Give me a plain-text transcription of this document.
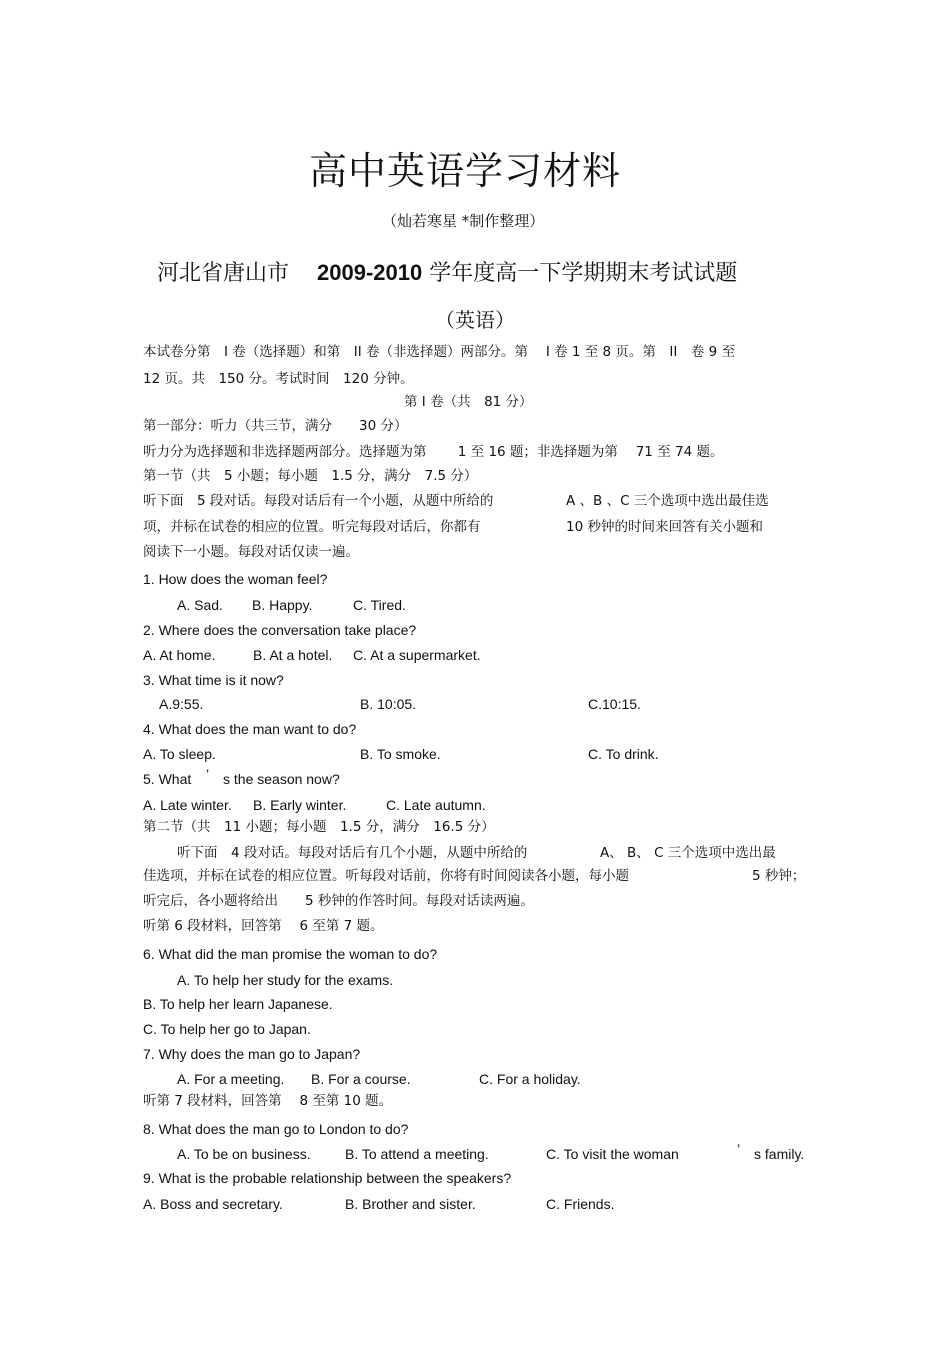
高中英语学习材料
（灿若寒星 *制作整理）
河北省唐山市 2009-2010 学年度高一下学期期末考试试题
（英语）
本试卷分第　I 卷（选择题）和第　II 卷（非选择题）两部分。第　 I 卷 1 至 8 页。第　II　卷 9 至
12 页。共　150 分。考试时间　120 分钟。
第 I 卷（共　81 分）
第一部分：听力（共三节，满分　　30 分）
听力分为选择题和非选择题两部分。选择题为第　　 1 至 16 题；非选择题为第　 71 至 74 题。
第一节（共　5 小题；每小题　1.5 分，满分　7.5 分）
听下面　5 段对话。每段对话后有一个小题，从题中所给的	A 、B 、C 三个选项中选出最佳选
项，并标在试卷的相应的位置。听完每段对话后，你都有	10 秒钟的时间来回答有关小题和
阅读下一小题。每段对话仅读一遍。
1. How does the woman feel?
A. Sad. B. Happy.	C. Tired.
2. Where does the conversation take place?
A. At home.	B. At a hotel. C. At a supermarket.
3. What time is it now?
A.9:55.	B. 10:05.	C.10:15.
4. What does the man want to do?
A. To sleep.	B. To smoke.	C. To drink.
5. What ’ s the season now?
A. Late winter. B. Early winter.	C. Late autumn.
第二节（共　11 小题；每小题　1.5 分，满分　16.5 分）
听下面　4 段对话。每段对话后有几个小题，从题中所给的	A、 B、 C 三个选项中选出最
佳选项，并标在试卷的相应位置。听每段对话前，你将有时间阅读各小题，每小题	5 秒钟；
听完后，各小题将给出　　5 秒钟的作答时间。每段对话读两遍。
听第 6 段材料，回答第　 6 至第 7 题。
6. What did the man promise the woman to do?
A. To help her study for the exams.
B. To help her learn Japanese.
C. To help her go to Japan.
7. Why does the man go to Japan?
A. For a meeting. B. For a course.	C. For a holiday.
听第 7 段材料，回答第　 8 至第 10 题。
8. What does the man go to London to do?
A. To be on business. B. To attend a meeting.	C. To visit the woman	’ s family.
9. What is the probable relationship between the speakers?
A. Boss and secretary.	B. Brother and sister.	C. Friends.
